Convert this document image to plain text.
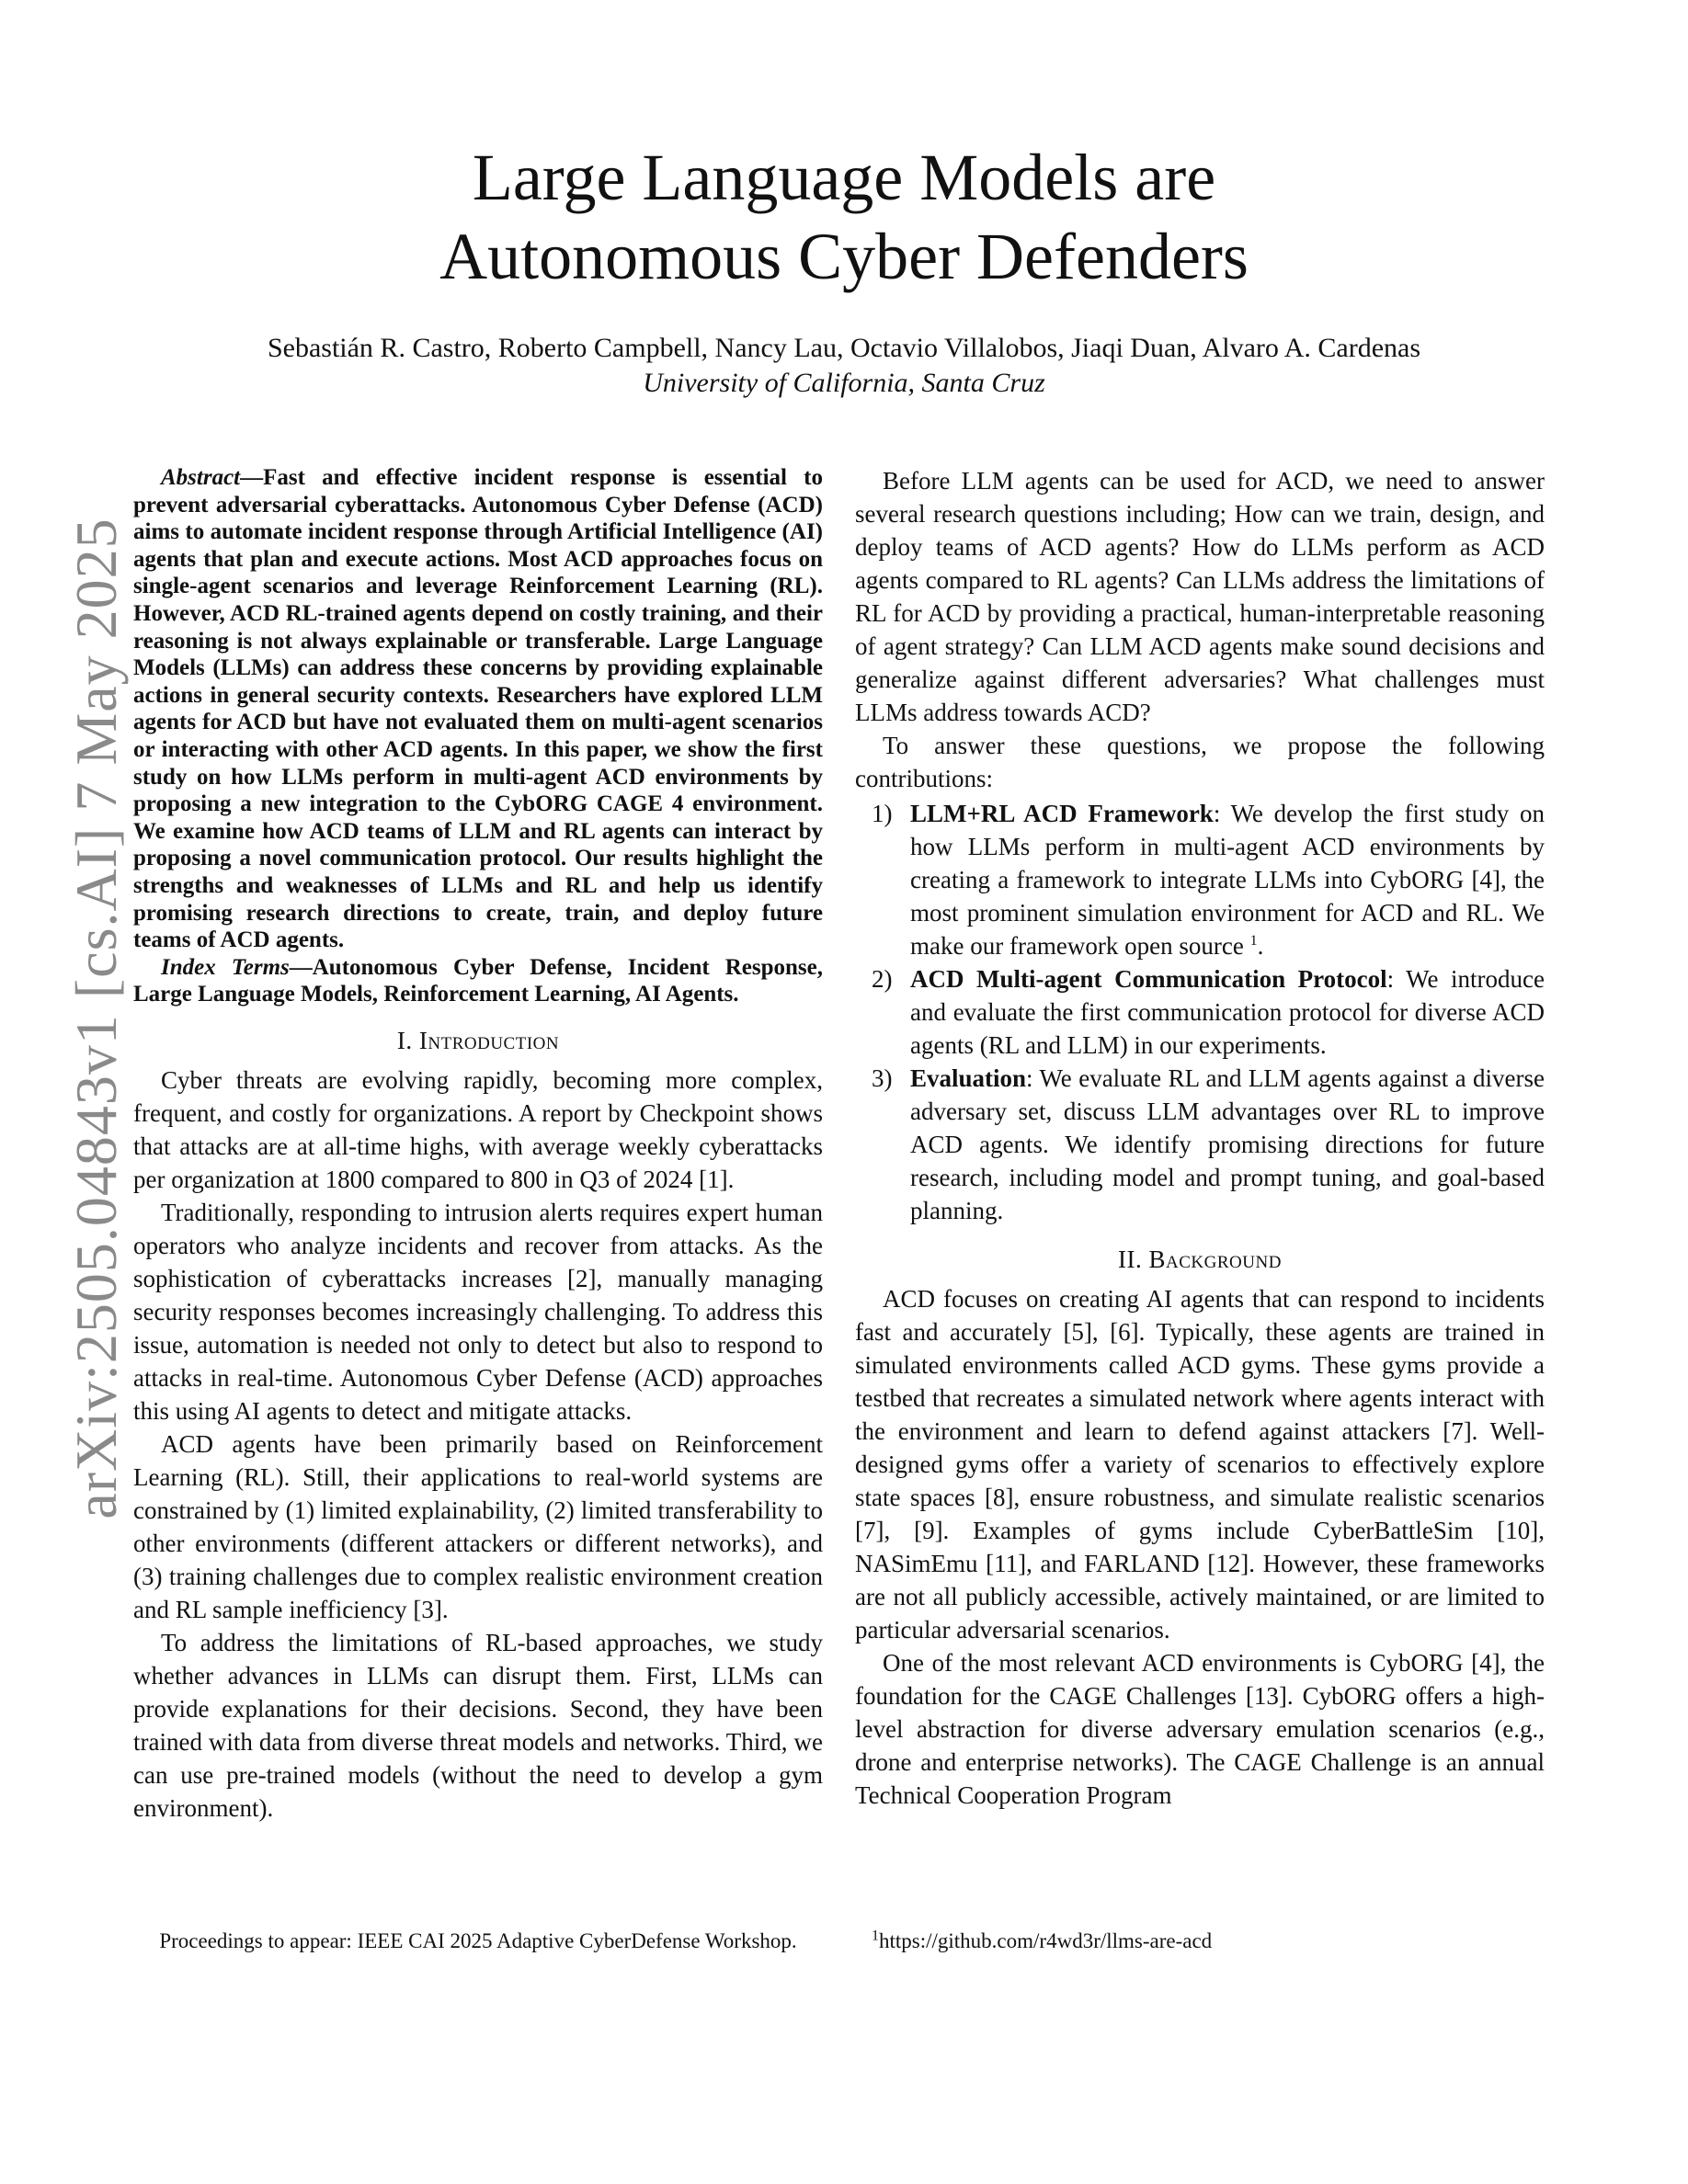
arXiv:2505.04843v1 [cs.AI] 7 May 2025
Large Language Models are
Autonomous Cyber Defenders
Sebastián R. Castro, Roberto Campbell, Nancy Lau, Octavio Villalobos, Jiaqi Duan, Alvaro A. Cardenas
University of California, Santa Cruz

Abstract—Fast and effective incident response is essential to prevent adversarial cyberattacks. Autonomous Cyber Defense (ACD) aims to automate incident response through Artificial Intelligence (AI) agents that plan and execute actions. Most ACD approaches focus on single-agent scenarios and leverage Reinforcement Learning (RL). However, ACD RL-trained agents depend on costly training, and their reasoning is not always explainable or transferable. Large Language Models (LLMs) can address these concerns by providing explainable actions in general security contexts. Researchers have explored LLM agents for ACD but have not evaluated them on multi-agent scenarios or interacting with other ACD agents. In this paper, we show the first study on how LLMs perform in multi-agent ACD environments by proposing a new integration to the CybORG CAGE 4 environment. We examine how ACD teams of LLM and RL agents can interact by proposing a novel communication protocol. Our results highlight the strengths and weaknesses of LLMs and RL and help us identify promising research directions to create, train, and deploy future teams of ACD agents.

Index Terms—Autonomous Cyber Defense, Incident Response, Large Language Models, Reinforcement Learning, AI Agents.

I. Introduction

Cyber threats are evolving rapidly, becoming more complex, frequent, and costly for organizations. A report by Checkpoint shows that attacks are at all-time highs, with average weekly cyberattacks per organization at 1800 compared to 800 in Q3 of 2024 [1].

Traditionally, responding to intrusion alerts requires expert human operators who analyze incidents and recover from attacks. As the sophistication of cyberattacks increases [2], manually managing security responses becomes increasingly challenging. To address this issue, automation is needed not only to detect but also to respond to attacks in real-time. Autonomous Cyber Defense (ACD) approaches this using AI agents to detect and mitigate attacks.

ACD agents have been primarily based on Reinforcement Learning (RL). Still, their applications to real-world systems are constrained by (1) limited explainability, (2) limited transferability to other environments (different attackers or different networks), and (3) training challenges due to complex realistic environment creation and RL sample inefficiency [3].

To address the limitations of RL-based approaches, we study whether advances in LLMs can disrupt them. First, LLMs can provide explanations for their decisions. Second, they have been trained with data from diverse threat models and networks. Third, we can use pre-trained models (without the need to develop a gym environment).

Before LLM agents can be used for ACD, we need to answer several research questions including; How can we train, design, and deploy teams of ACD agents? How do LLMs perform as ACD agents compared to RL agents? Can LLMs address the limitations of RL for ACD by providing a practical, human-interpretable reasoning of agent strategy? Can LLM ACD agents make sound decisions and generalize against different adversaries? What challenges must LLMs address towards ACD?

To answer these questions, we propose the following contributions:

1) LLM+RL ACD Framework: We develop the first study on how LLMs perform in multi-agent ACD environments by creating a framework to integrate LLMs into CybORG [4], the most prominent simulation environment for ACD and RL. We make our framework open source $^1$.
2) ACD Multi-agent Communication Protocol: We introduce and evaluate the first communication protocol for diverse ACD agents (RL and LLM) in our experiments.
3) Evaluation: We evaluate RL and LLM agents against a diverse adversary set, discuss LLM advantages over RL to improve ACD agents. We identify promising directions for future research, including model and prompt tuning, and goal-based planning.
II. Background

ACD focuses on creating AI agents that can respond to incidents fast and accurately [5], [6]. Typically, these agents are trained in simulated environments called ACD gyms. These gyms provide a testbed that recreates a simulated network where agents interact with the environment and learn to defend against attackers [7]. Well-designed gyms offer a variety of scenarios to effectively explore state spaces [8], ensure robustness, and simulate realistic scenarios [7], [9]. Examples of gyms include CyberBattleSim [10], NASimEmu [11], and FARLAND [12]. However, these frameworks are not all publicly accessible, actively maintained, or are limited to particular adversarial scenarios.

One of the most relevant ACD environments is CybORG [4], the foundation for the CAGE Challenges [13]. CybORG offers a high-level abstraction for diverse adversary emulation scenarios (e.g., drone and enterprise networks). The CAGE Challenge is an annual Technical Cooperation Program

Proceedings to appear: IEEE CAI 2025 Adaptive CyberDefense Workshop.	$^1$https://github.com/r4wd3r/llms-are-acd
